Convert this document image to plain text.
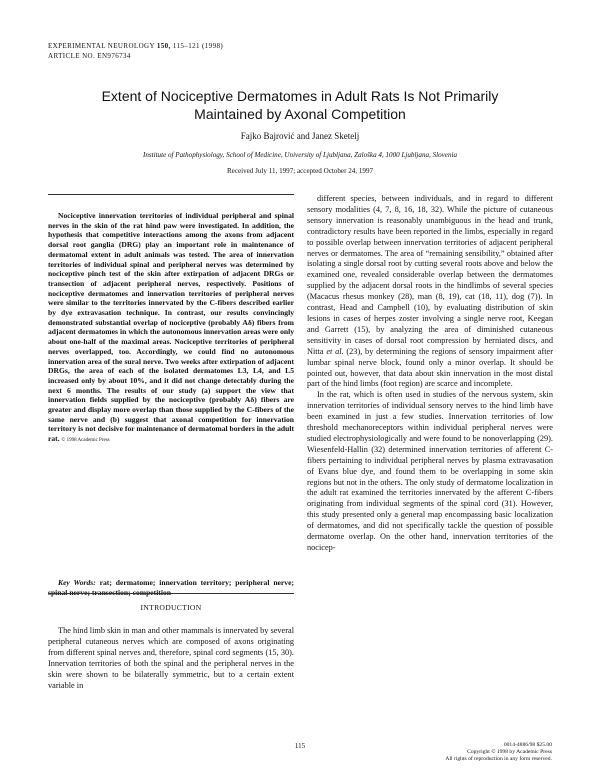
EXPERIMENTAL NEUROLOGY 150, 115–121 (1998)
ARTICLE NO. EN976734
Extent of Nociceptive Dermatomes in Adult Rats Is Not Primarily
Maintained by Axonal Competition
Fajko Bajrović and Janez Sketelj
Institute of Pathophysiology, School of Medicine, University of Ljubljana, Zaloška 4, 1000 Ljubljana, Slovenia
Received July 11, 1997; accepted October 24, 1997

Nociceptive innervation territories of individual peripheral and spinal nerves in the skin of the rat hind paw were investigated. In addition, the hypothesis that competitive interactions among the axons from adjacent dorsal root ganglia (DRG) play an important role in maintenance of dermatomal extent in adult animals was tested. The area of innervation territories of individual spinal and peripheral nerves was determined by nociceptive pinch test of the skin after extirpation of adjacent DRGs or transection of adjacent peripheral nerves, respectively. Positions of nociceptive dermatomes and innervation territories of peripheral nerves were similar to the territories innervated by the C-fibers described earlier by dye extravasation technique. In contrast, our results convincingly demonstrated substantial overlap of nociceptive (probably Aδ) fibers from adjacent dermatomes in which the autonomous innervation areas were only about one-half of the maximal areas. Nociceptive territories of peripheral nerves overlapped, too. Accordingly, we could find no autonomous innervation area of the sural nerve. Two weeks after extirpation of adjacent DRGs, the area of each of the isolated dermatomes L3, L4, and L5 increased only by about 10%, and it did not change detectably during the next 6 months. The results of our study (a) support the view that innervation fields supplied by the nociceptive (probably Aδ) fibers are greater and display more overlap than those supplied by the C-fibers of the same nerve and (b) suggest that axonal competition for innervation territory is not decisive for maintenance of dermatomal borders in the adult rat. © 1998 Academic Press

Key Words: rat; dermatome; innervation territory; peripheral nerve; spinal nerve; transection; competition

INTRODUCTION

The hind limb skin in man and other mammals is innervated by several peripheral cutaneous nerves which are composed of axons originating from different spinal nerves and, therefore, spinal cord segments (15, 30). Innervation territories of both the spinal and the peripheral nerves in the skin were shown to be bilaterally symmetric, but to a certain extent variable in

different species, between individuals, and in regard to different sensory modalities (4, 7, 8, 16, 18, 32). While the picture of cutaneous sensory innervation is reasonably unambiguous in the head and trunk, contradictory results have been reported in the limbs, especially in regard to possible overlap between innervation territories of adjacent peripheral nerves or dermatomes. The area of “remaining sensibility,” obtained after isolating a single dorsal root by cutting several roots above and below the examined one, revealed considerable overlap between the dermatomes supplied by the adjacent dorsal roots in the hindlimbs of several species (Macacus rhesus monkey (28), man (8, 19), cat (18, 11), dog (7)). In contrast, Head and Campbell (10), by evaluating distribution of skin lesions in cases of herpes zoster involving a single nerve root, Keegan and Garrett (15), by analyzing the area of diminished cutaneous sensitivity in cases of dorsal root compression by herniated discs, and Nitta et al. (23), by determining the regions of sensory impairment after lumbar spinal nerve block, found only a minor overlap. It should be pointed out, however, that data about skin innervation in the most distal part of the hind limbs (foot region) are scarce and incomplete.

In the rat, which is often used in studies of the nervous system, skin innervation territories of individual sensory nerves to the hind limb have been examined in just a few studies. Innervation territories of low threshold mechanoreceptors within individual peripheral nerves were studied electrophysiologically and were found to be nonoverlapping (29). Wiesenfeld-Hallin (32) determined innervation territories of afferent C-fibers pertaining to individual peripheral nerves by plasma extravasation of Evans blue dye, and found them to be overlapping in some skin regions but not in the others. The only study of dermatome localization in the adult rat examined the territories innervated by the afferent C-fibers originating from individual segments of the spinal cord (31). However, this study presented only a general map encompassing basic localization of dermatomes, and did not specifically tackle the question of possible dermatome overlap. On the other hand, innervation territories of the nocicep-

115	0014-4886/98 $25.00
Copyright © 1998 by Academic Press
All rights of reproduction in any form reserved.
